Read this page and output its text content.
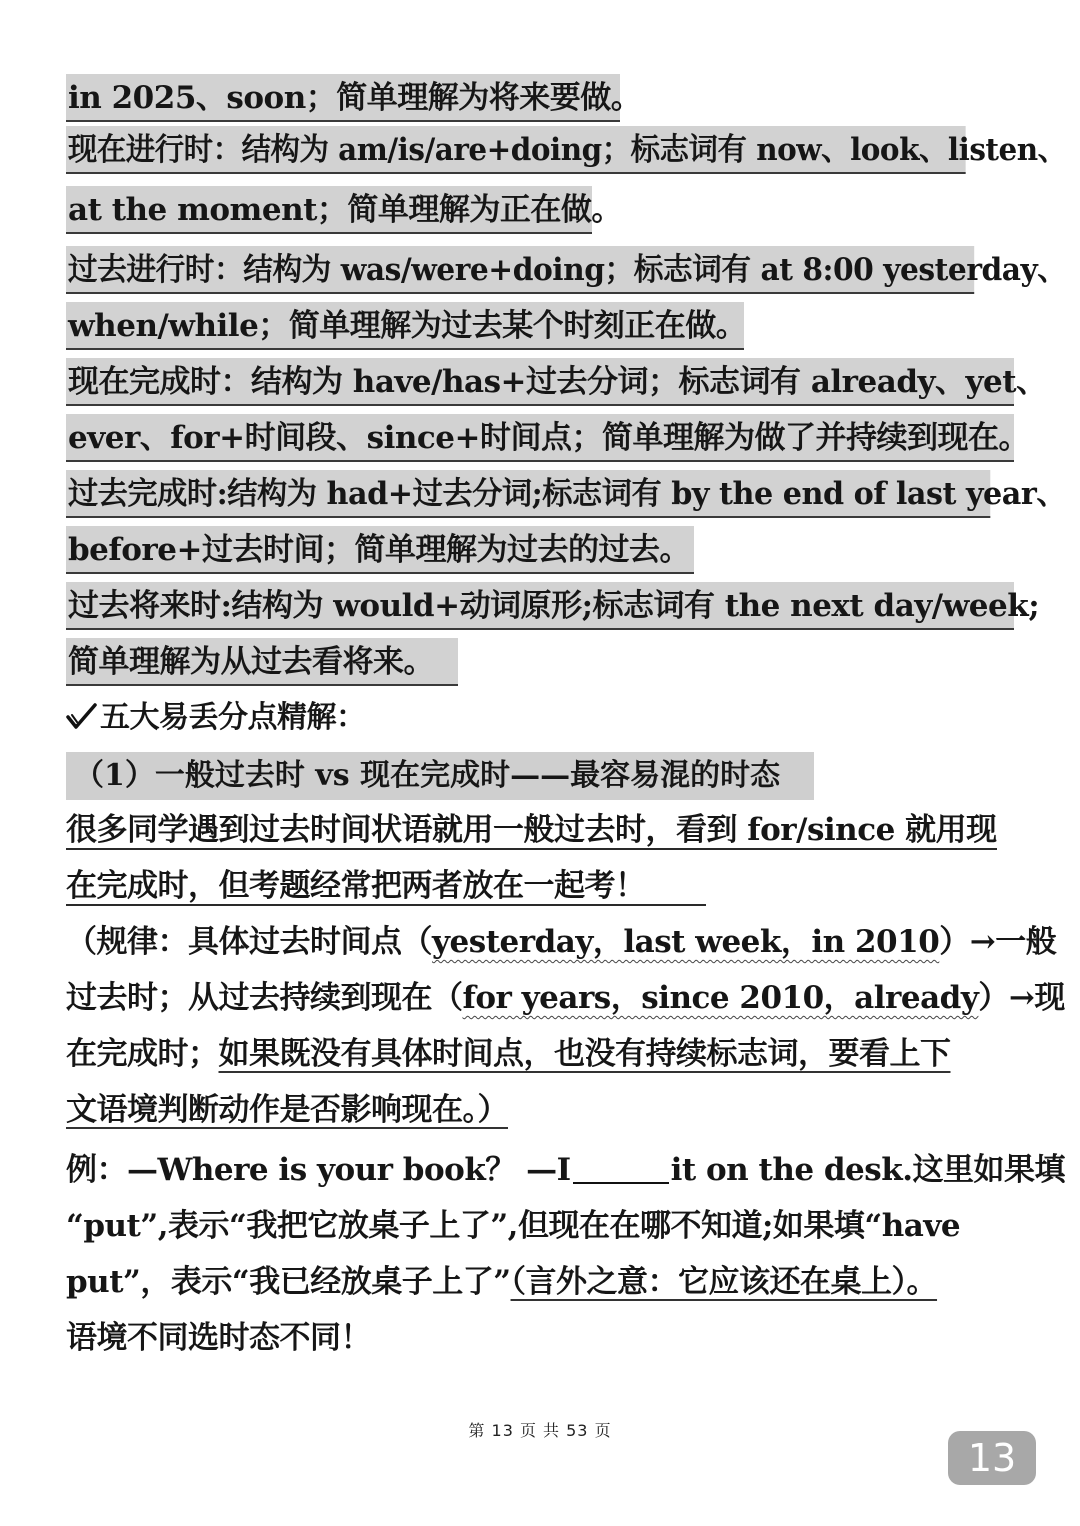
in 2025、soon；简单理解为将来要做。
现在进行时：结构为 am/is/are+doing；标志词有 now、look、listen、
at the moment；简单理解为正在做。
过去进行时：结构为 was/were+doing；标志词有 at 8:00 yesterday、
when/while；简单理解为过去某个时刻正在做。
现在完成时：结构为 have/has+过去分词；标志词有 already、yet、
ever、for+时间段、since+时间点；简单理解为做了并持续到现在。
过去完成时:结构为 had+过去分词;标志词有 by the end of last year、
before+过去时间；简单理解为过去的过去。
过去将来时:结构为 would+动词原形;标志词有 the next day/week;
简单理解为从过去看将来。
五大易丢分点精解：
（1）一般过去时 vs 现在完成时——最容易混的时态
很多同学遇到过去时间状语就用一般过去时，看到 for/since 就用现
在完成时，但考题经常把两者放在一起考！
（规律：具体过去时间点（yesterday，last week，in 2010）→一般
过去时；从过去持续到现在（for years，since 2010，already）→现
在完成时；如果既没有具体时间点，也没有持续标志词，要看上下
文语境判断动作是否影响现在。）
例：—Where is your book？ —I	it on the desk.这里如果填
“put”,表示“我把它放桌子上了”,但现在在哪不知道;如果填“have
put”，表示“我已经放桌子上了”（言外之意：它应该还在桌上）。
语境不同选时态不同！
第 13 页 共 53 页
13
